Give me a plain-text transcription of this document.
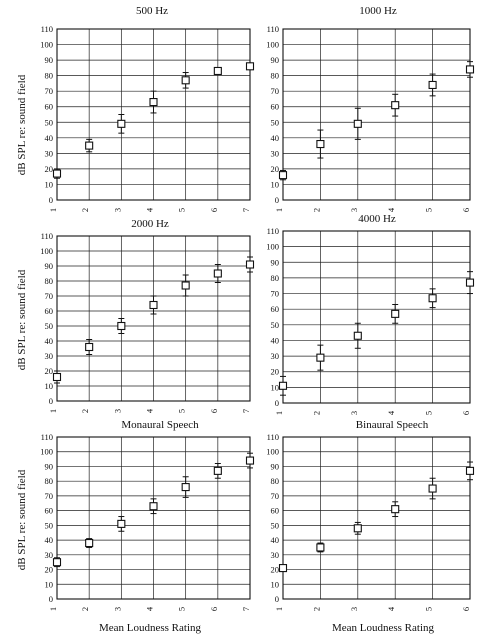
500 Hz
0
10
20
30
40
50
60
70
80
90
100
110
1	2	3	4	5	6	7
1000 Hz
0
10
20
30
40
50
60
70
80
90
100
110
1	2	3	4	5	6
2000 Hz
0
10
20
30
40
50
60
70
80
90
100
110
1	2	3	4	5	6	7
4000 Hz
0
10
20
30
40
50
60
70
80
90
100
110
1	2	3	4	5	6
0
10
20
30
40
50
60
70
80
90
100
110
1	2	3	4	5	6	7
0
10
20
30
40
50
60
70
80
90
100
110
1	2	3	4	5	6
dB SPL re: sound field
dB SPL re: sound field
dB SPL re: sound field
Monaural Speech	Binaural Speech
Mean Loudness Rating	Mean Loudness Rating
